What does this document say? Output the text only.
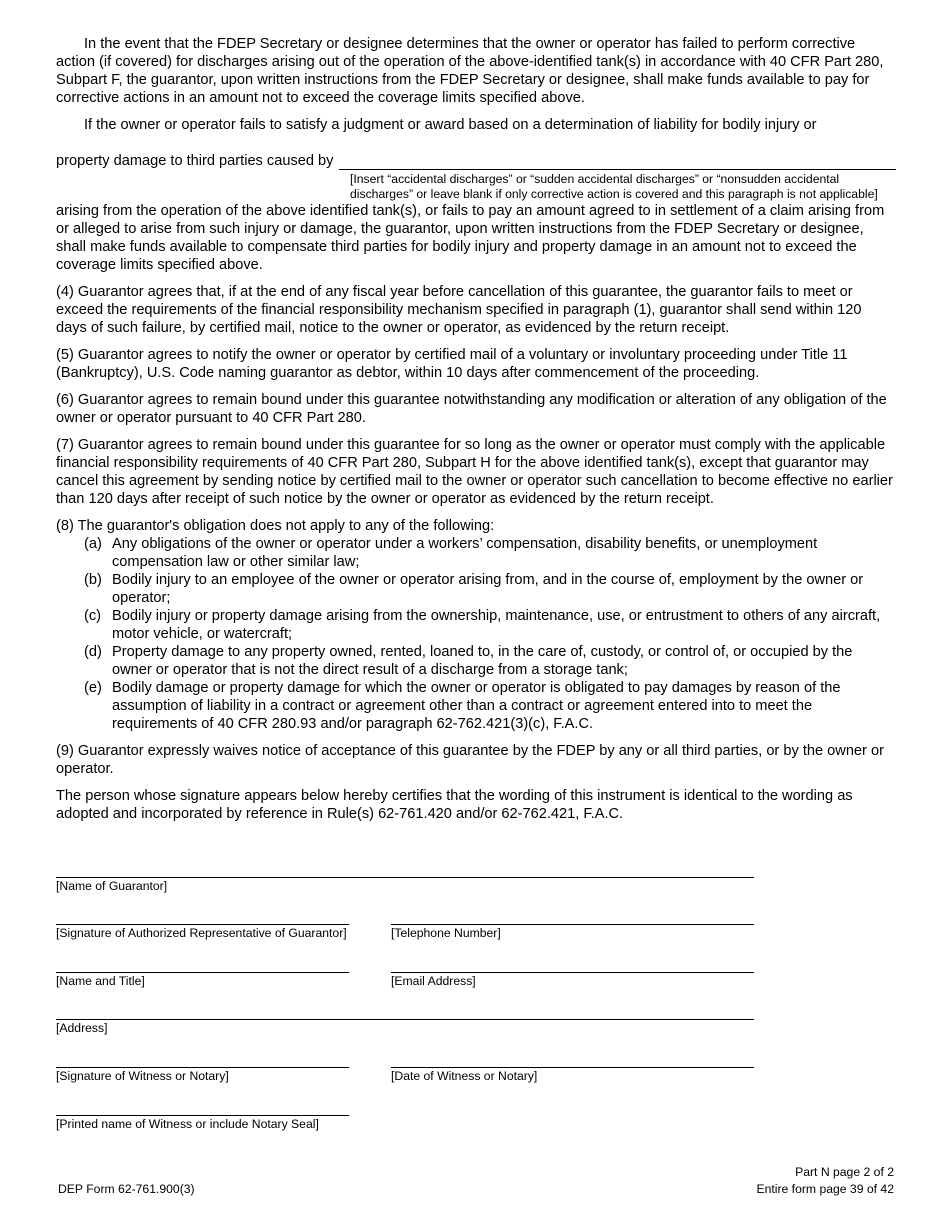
In the event that the FDEP Secretary or designee determines that the owner or operator has failed to perform corrective action (if covered) for discharges arising out of the operation of the above-identified tank(s) in accordance with 40 CFR Part 280, Subpart F, the guarantor, upon written instructions from the FDEP Secretary or designee, shall make funds available to pay for corrective actions in an amount not to exceed the coverage limits specified above.

If the owner or operator fails to satisfy a judgment or award based on a determination of liability for bodily injury or

property damage to third parties caused by

[Insert “accidental discharges” or “sudden accidental discharges” or “nonsudden accidental discharges” or leave blank if only corrective action is covered and this paragraph is not applicable]

arising from the operation of the above identified tank(s), or fails to pay an amount agreed to in settlement of a claim arising from or alleged to arise from such injury or damage, the guarantor, upon written instructions from the FDEP Secretary or designee, shall make funds available to compensate third parties for bodily injury and property damage in an amount not to exceed the coverage limits specified above.

(4) Guarantor agrees that, if at the end of any fiscal year before cancellation of this guarantee, the guarantor fails to meet or exceed the requirements of the financial responsibility mechanism specified in paragraph (1), guarantor shall send within 120 days of such failure, by certified mail, notice to the owner or operator, as evidenced by the return receipt.

(5) Guarantor agrees to notify the owner or operator by certified mail of a voluntary or involuntary proceeding under Title 11 (Bankruptcy), U.S. Code naming guarantor as debtor, within 10 days after commencement of the proceeding.

(6) Guarantor agrees to remain bound under this guarantee notwithstanding any modification or alteration of any obligation of the owner or operator pursuant to 40 CFR Part 280.

(7) Guarantor agrees to remain bound under this guarantee for so long as the owner or operator must comply with the applicable financial responsibility requirements of 40 CFR Part 280, Subpart H for the above identified tank(s), except that guarantor may cancel this agreement by sending notice by certified mail to the owner or operator such cancellation to become effective no earlier than 120 days after receipt of such notice by the owner or operator as evidenced by the return receipt.

(8) The guarantor's obligation does not apply to any of the following:

(a) Any obligations of the owner or operator under a workers’ compensation, disability benefits, or unemployment compensation law or other similar law;
(b) Bodily injury to an employee of the owner or operator arising from, and in the course of, employment by the owner or operator;
(c) Bodily injury or property damage arising from the ownership, maintenance, use, or entrustment to others of any aircraft, motor vehicle, or watercraft;
(d) Property damage to any property owned, rented, loaned to, in the care of, custody, or control of, or occupied by the owner or operator that is not the direct result of a discharge from a storage tank;
(e) Bodily damage or property damage for which the owner or operator is obligated to pay damages by reason of the assumption of liability in a contract or agreement other than a contract or agreement entered into to meet the requirements of 40 CFR 280.93 and/or paragraph 62-762.421(3)(c), F.A.C.

(9) Guarantor expressly waives notice of acceptance of this guarantee by the FDEP by any or all third parties, or by the owner or operator.

The person whose signature appears below hereby certifies that the wording of this instrument is identical to the wording as adopted and incorporated by reference in Rule(s) 62-761.420 and/or 62-762.421, F.A.C.

[Name of Guarantor]
[Signature of Authorized Representative of Guarantor]	[Telephone Number]
[Name and Title]	[Email Address]
[Address]
[Signature of Witness or Notary]	[Date of Witness or Notary]
[Printed name of Witness or include Notary Seal]
DEP Form 62-761.900(3)
Part N page 2 of 2
Entire form page 39 of 42
